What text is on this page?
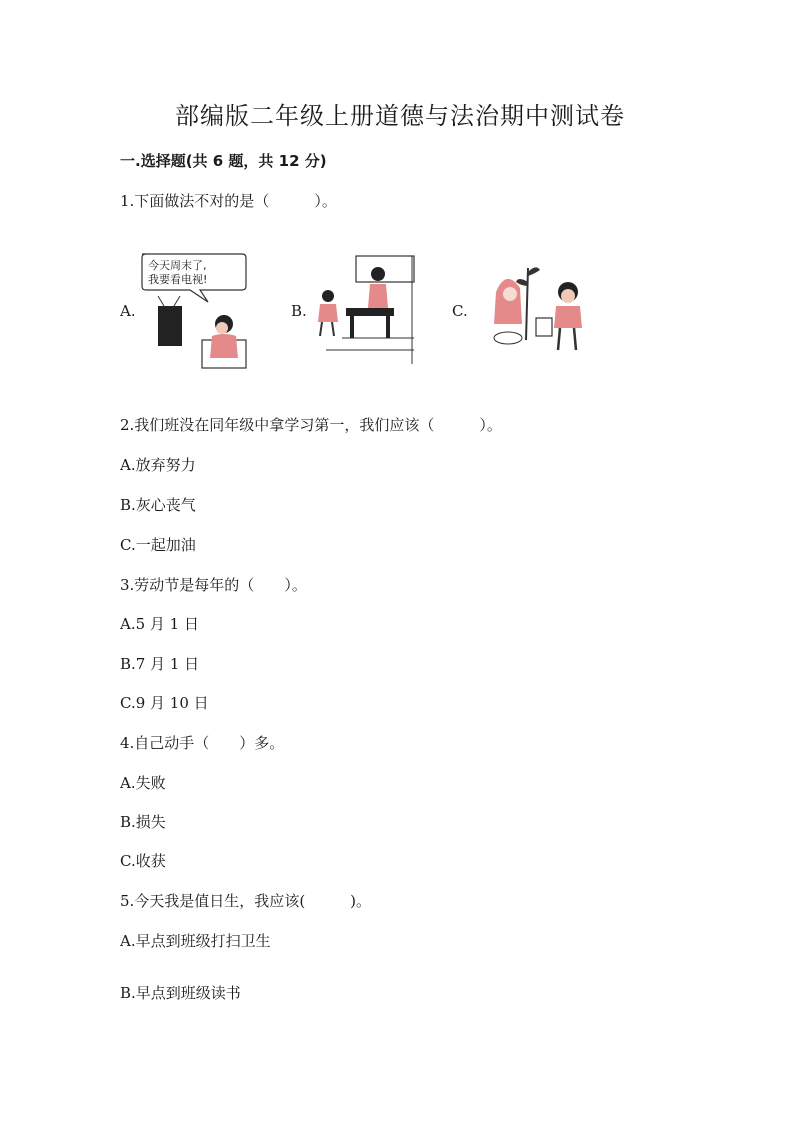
部编版二年级上册道德与法治期中测试卷
一.选择题(共 6 题，共 12 分)
1.下面做法不对的是（　　　）。
A.	B.	C.
今天周末了,
我要看电视!
2.我们班没在同年级中拿学习第一，我们应该（　　　）。
A.放弃努力
B.灰心丧气
C.一起加油
3.劳动节是每年的（　　）。
A.5 月 1 日
B.7 月 1 日
C.9 月 10 日
4.自己动手（　　）多。
A.失败
B.损失
C.收获
5.今天我是值日生，我应该(　　　)。
A.早点到班级打扫卫生
B.早点到班级读书
